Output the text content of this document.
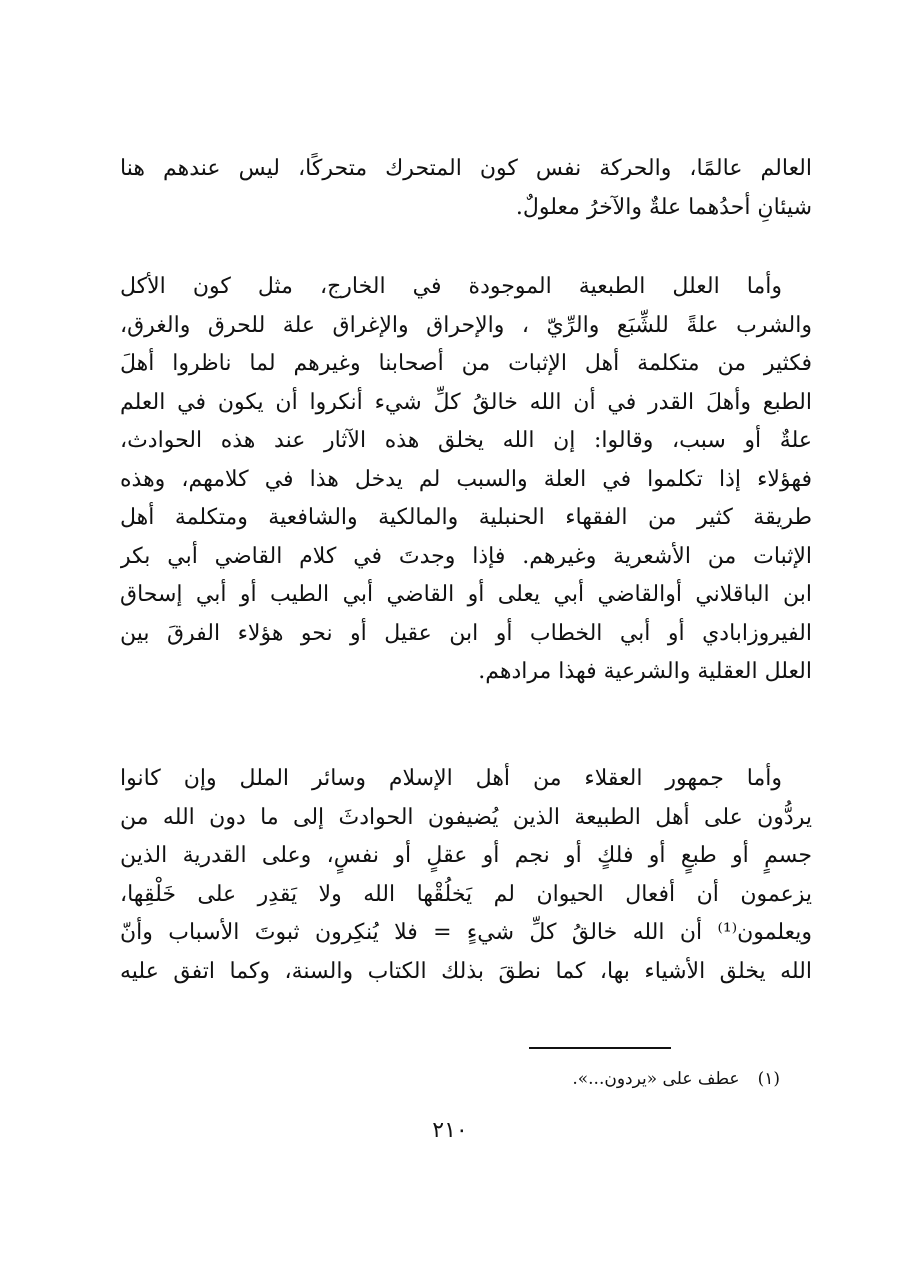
العالم عالمًا، والحركة نفس كون المتحرك متحركًا، ليس عندهم هنا
شيئانِ أحدُهما علةٌ والآخرُ معلولٌ.
وأما العلل الطبعية الموجودة في الخارج، مثل كون الأكل
والشرب علةً للشِّبَع والرِّيّ ، والإحراق والإغراق علة للحرق والغرق،
فكثير من متكلمة أهل الإثبات من أصحابنا وغيرهم لما ناظروا أهلَ
الطبع وأهلَ القدر في أن الله خالقُ كلِّ شيء أنكروا أن يكون في العلم
علةٌ أو سبب، وقالوا: إن الله يخلق هذه الآثار عند هذه الحوادث،
فهؤلاء إذا تكلموا في العلة والسبب لم يدخل هذا في كلامهم، وهذه
طريقة كثير من الفقهاء الحنبلية والمالكية والشافعية ومتكلمة أهل
الإثبات من الأشعرية وغيرهم. فإذا وجدتَ في كلام القاضي أبي بكر
ابن الباقلاني أوالقاضي أبي يعلى أو القاضي أبي الطيب أو أبي إسحاق
الفيروزابادي أو أبي الخطاب أو ابن عقيل أو نحو هؤلاء الفرقَ بين
العلل العقلية والشرعية فهذا مرادهم.
وأما جمهور العقلاء من أهل الإسلام وسائر الملل وإن كانوا
يردُّون على أهل الطبيعة الذين يُضيفون الحوادثَ إلى ما دون الله من
جسمٍ أو طبعٍ أو فلكٍ أو نجم أو عقلٍ أو نفسٍ، وعلى القدرية الذين
يزعمون أن أفعال الحيوان لم يَخلُقْها الله ولا يَقدِر على خَلْقِها،
ويعلمون⁽¹⁾ أن الله خالقُ كلِّ شيءٍ = فلا يُنكِرون ثبوتَ الأسباب وأنّ
الله يخلق الأشياء بها، كما نطقَ بذلك الكتاب والسنة، وكما اتفق عليه
(١)عطف على «يردون...».
٢١٠
